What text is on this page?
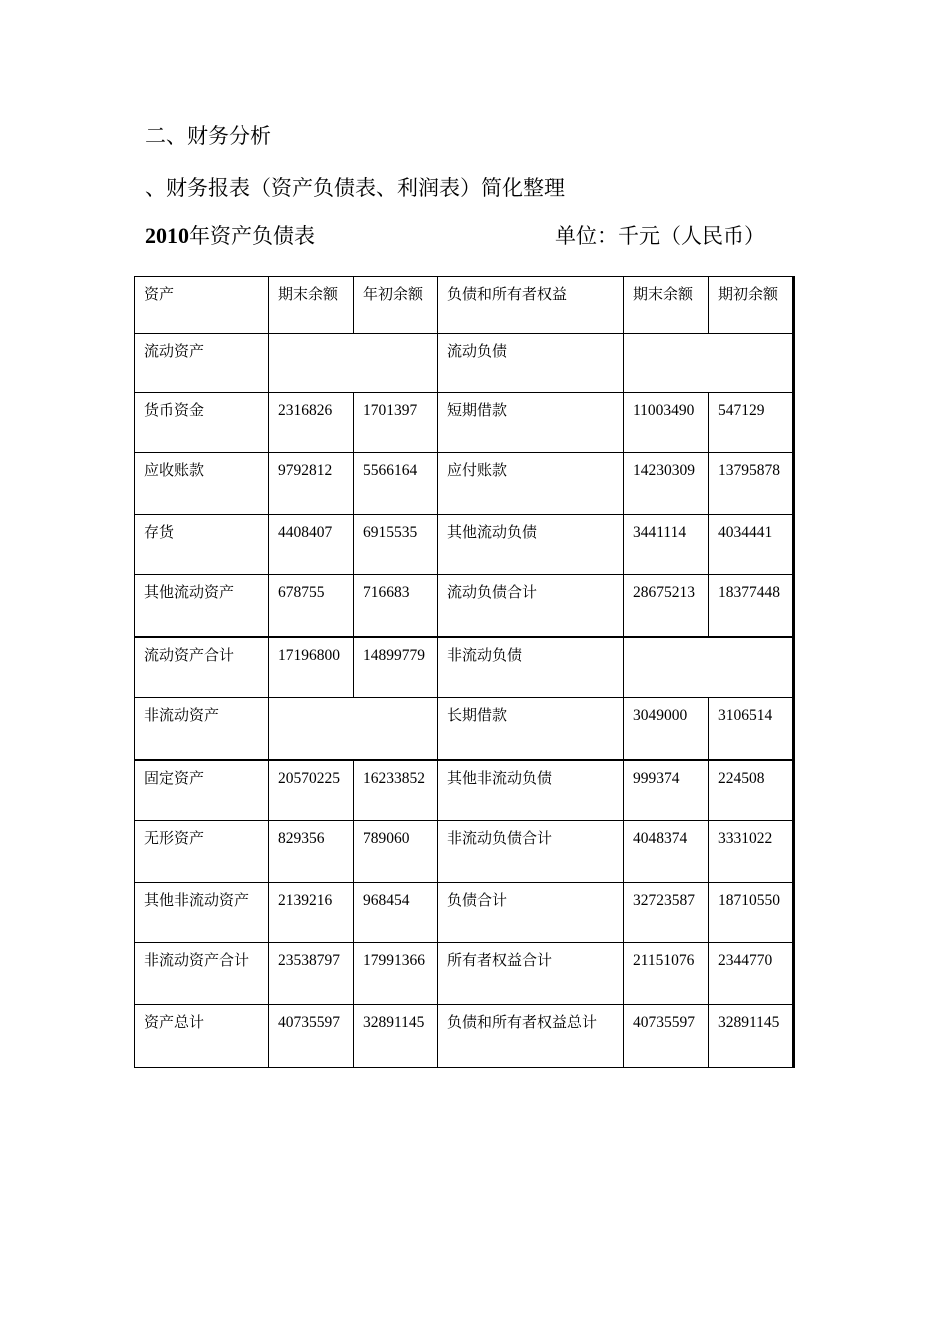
二、财务分析
、财务报表（资产负债表、利润表）简化整理
2010年资产负债表	单位：千元（人民币）
资产	期末余额	年初余额	负债和所有者权益	期末余额	期初余额
流动资产			流动负债		
货币资金	2316826	1701397	短期借款	11003490	547129
应收账款	9792812	5566164	应付账款	14230309	13795878
存货	4408407	6915535	其他流动负债	3441114	4034441
其他流动资产	678755	716683	流动负债合计	28675213	18377448
流动资产合计	17196800	14899779	非流动负债		
非流动资产			长期借款	3049000	3106514
固定资产	20570225	16233852	其他非流动负债	999374	224508
无形资产	829356	789060	非流动负债合计	4048374	3331022
其他非流动资产	2139216	968454	负债合计	32723587	18710550
非流动资产合计	23538797	17991366	所有者权益合计	21151076	2344770
资产总计	40735597	32891145	负债和所有者权益总计	40735597	32891145
